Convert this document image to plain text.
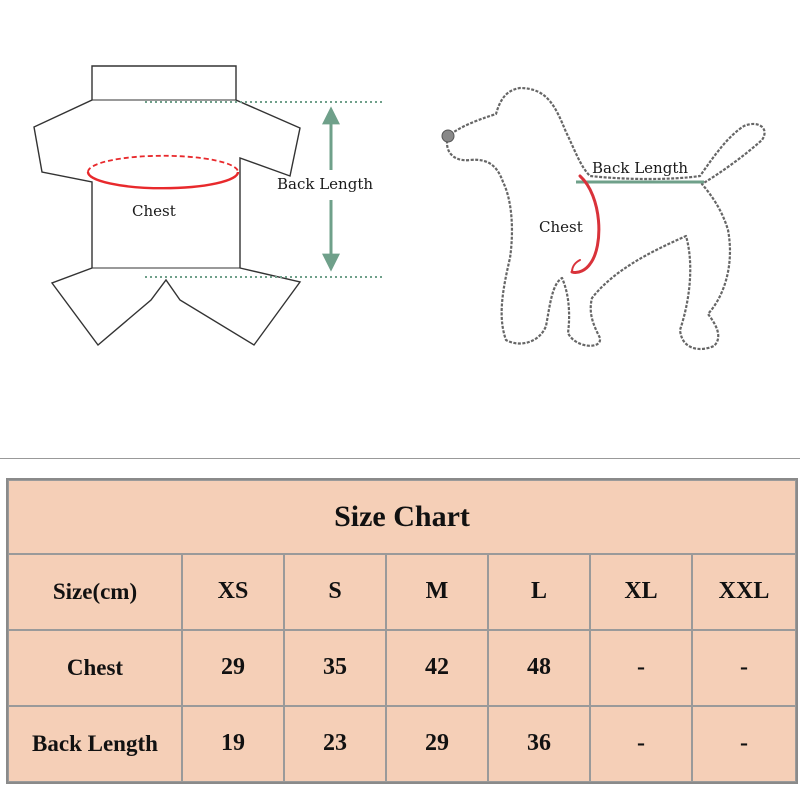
Chest
Back Length
Back Length
Chest
Size Chart						
Size(cm)	XS	S	M	L	XL	XXL
Chest	29	35	42	48	-	-
Back Length	19	23	29	36	-	-
